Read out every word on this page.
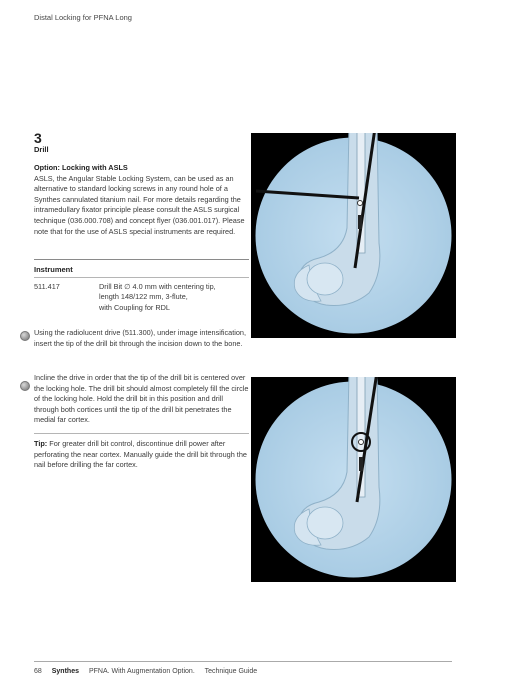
Distal Locking for PFNA Long
3
Drill
Option: Locking with ASLS
ASLS, the Angular Stable Locking System, can be used as an alternative to standard locking screws in any round hole of a Synthes cannulated titanium nail. For more details regarding the intramedullary fixator principle please consult the ASLS surgical technique (036.000.708) and concept flyer (036.001.017). Please note that for the use of ASLS special instruments are required.
Instrument
511.417	Drill Bit ∅ 4.0 mm with centering tip,
length 148/122 mm, 3-flute,
with Coupling for RDL
Using the radiolucent drive (511.300), under image intensification, insert the tip of the drill bit through the incision down to the bone.
Incline the drive in order that the tip of the drill bit is centered over the locking hole. The drill bit should almost completely fill the circle of the locking hole. Hold the drill bit in this position and drill through both cortices until the tip of the drill bit penetrates the medial far cortex.
Tip: For greater drill bit control, discontinue drill power after perforating the near cortex. Manually guide the drill bit through the nail before drilling the far cortex.
68 Synthes PFNA. With Augmentation Option. Technique Guide
